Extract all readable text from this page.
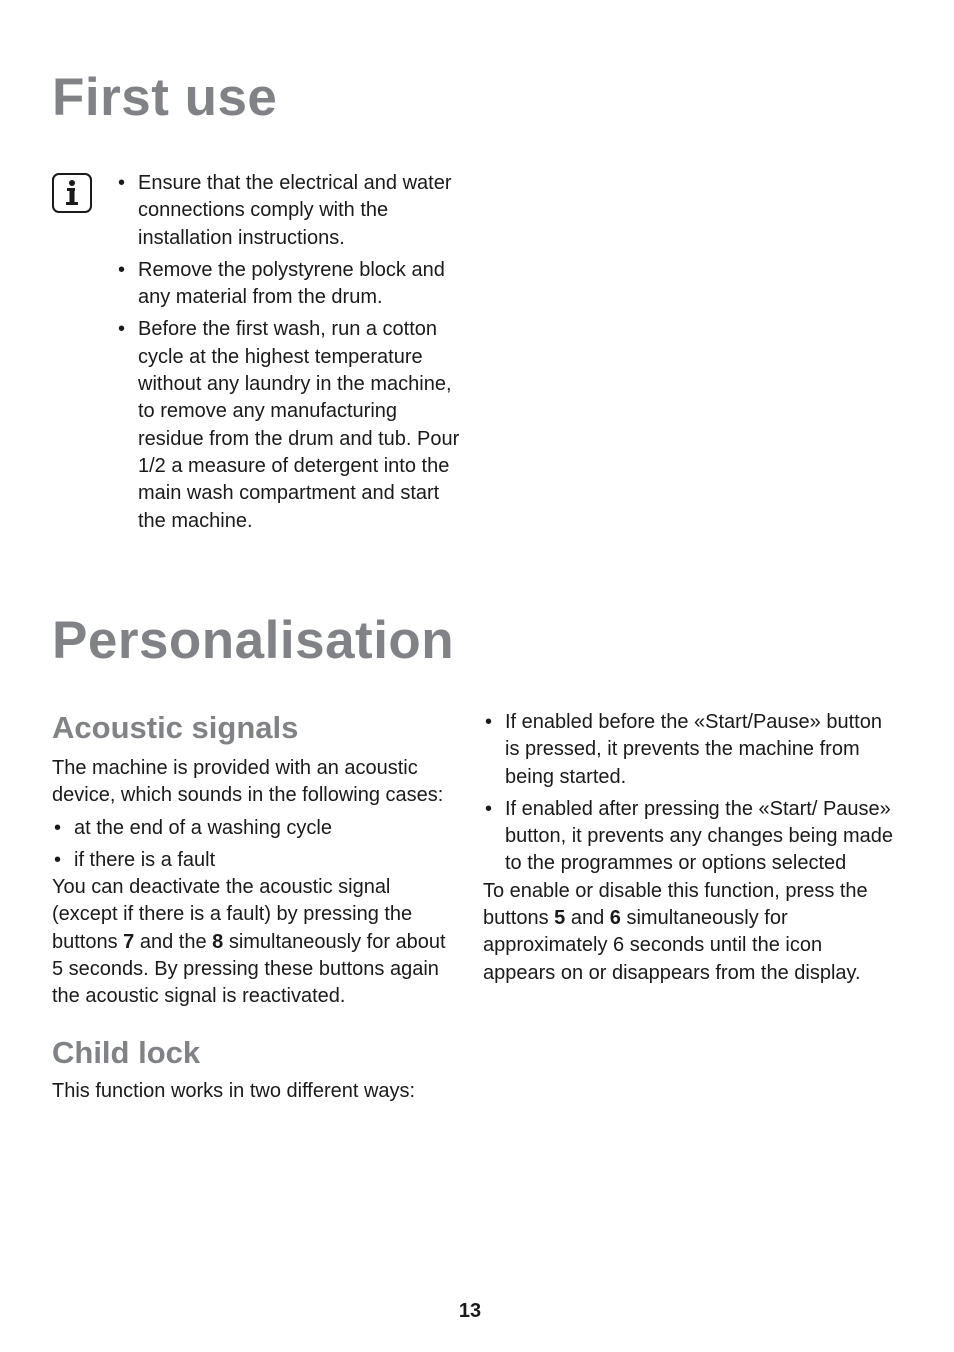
First use
• Ensure that the electrical and water connections comply with the installation instructions.
• Remove the polystyrene block and any material from the drum.
• Before the first wash, run a cotton cycle at the highest temperature without any laundry in the machine, to remove any manufacturing residue from the drum and tub. Pour 1/2 a measure of detergent into the main wash compartment and start the machine.
Personalisation
Acoustic signals

The machine is provided with an acoustic device, which sounds in the following cases:

• at the end of a washing cycle
• if there is a fault

You can deactivate the acoustic signal (except if there is a fault) by pressing the buttons 7 and the 8 simultaneously for about 5 seconds. By pressing these buttons again the acoustic signal is reactivated.

Child lock

This function works in two different ways:

• If enabled before the «Start/Pause» button is pressed, it prevents the machine from being started.
• If enabled after pressing the «Start/ Pause» button, it prevents any changes being made to the programmes or options selected

To enable or disable this function, press the buttons 5 and 6 simultaneously for approximately 6 seconds until the icon appears on or disappears from the display.

13
